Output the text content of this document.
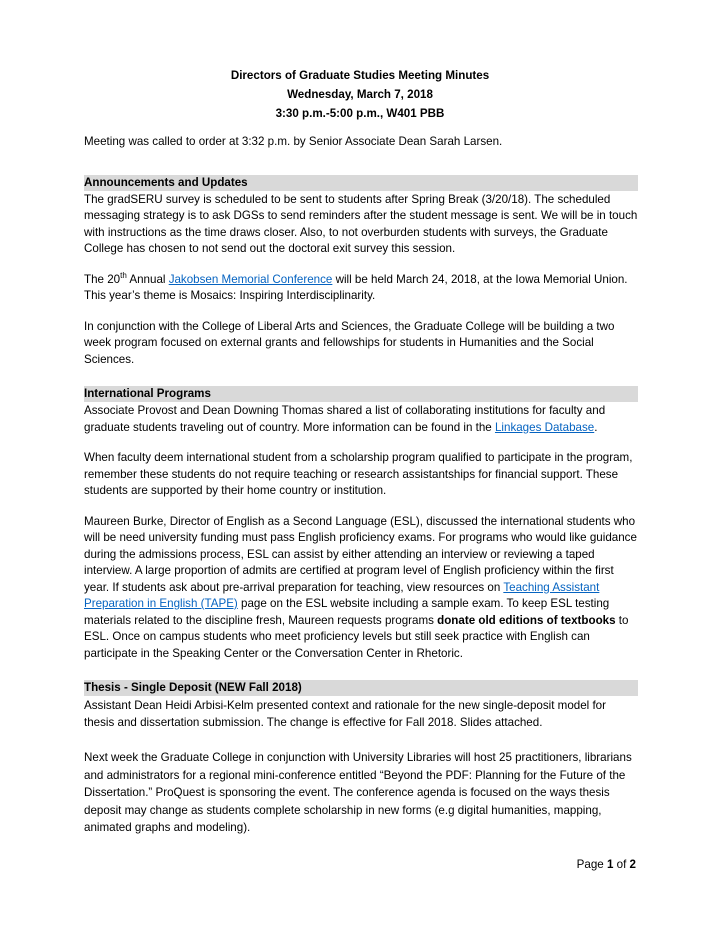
Directors of Graduate Studies Meeting Minutes
Wednesday, March 7, 2018
3:30 p.m.-5:00 p.m., W401 PBB

Meeting was called to order at 3:32 p.m. by Senior Associate Dean Sarah Larsen.

Announcements and Updates

The gradSERU survey is scheduled to be sent to students after Spring Break (3/20/18). The scheduled messaging strategy is to ask DGSs to send reminders after the student message is sent. We will be in touch with instructions as the time draws closer. Also, to not overburden students with surveys, the Graduate College has chosen to not send out the doctoral exit survey this session.

The 20th Annual Jakobsen Memorial Conference will be held March 24, 2018, at the Iowa Memorial Union. This year’s theme is Mosaics: Inspiring Interdisciplinarity.

In conjunction with the College of Liberal Arts and Sciences, the Graduate College will be building a two week program focused on external grants and fellowships for students in Humanities and the Social Sciences.

International Programs

Associate Provost and Dean Downing Thomas shared a list of collaborating institutions for faculty and graduate students traveling out of country. More information can be found in the Linkages Database.

When faculty deem international student from a scholarship program qualified to participate in the program, remember these students do not require teaching or research assistantships for financial support. These students are supported by their home country or institution.

Maureen Burke, Director of English as a Second Language (ESL), discussed the international students who will be need university funding must pass English proficiency exams. For programs who would like guidance during the admissions process, ESL can assist by either attending an interview or reviewing a taped interview. A large proportion of admits are certified at program level of English proficiency within the first year. If students ask about pre-arrival preparation for teaching, view resources on Teaching Assistant Preparation in English (TAPE) page on the ESL website including a sample exam. To keep ESL testing materials related to the discipline fresh, Maureen requests programs donate old editions of textbooks to ESL. Once on campus students who meet proficiency levels but still seek practice with English can participate in the Speaking Center or the Conversation Center in Rhetoric.

Thesis - Single Deposit (NEW Fall 2018)

Assistant Dean Heidi Arbisi-Kelm presented context and rationale for the new single-deposit model for thesis and dissertation submission. The change is effective for Fall 2018. Slides attached.

Next week the Graduate College in conjunction with University Libraries will host 25 practitioners, librarians and administrators for a regional mini-conference entitled “Beyond the PDF: Planning for the Future of the Dissertation.” ProQuest is sponsoring the event. The conference agenda is focused on the ways thesis deposit may change as students complete scholarship in new forms (e.g digital humanities, mapping, animated graphs and modeling).

Page 1 of 2
